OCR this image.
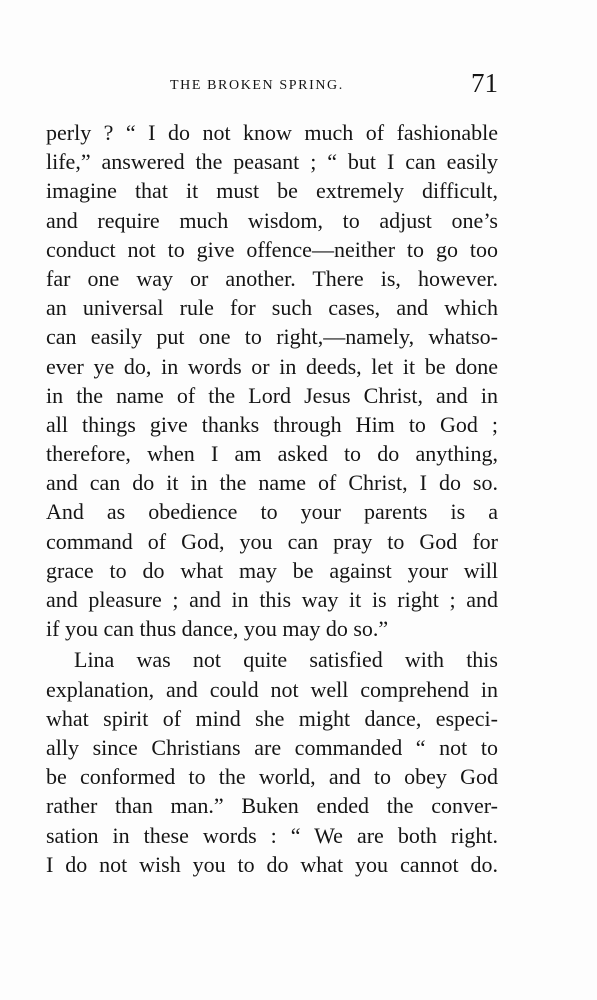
THE BROKEN SPRING.	71
perly ? “ I do not know much of fashionable
life,” answered the peasant ; “ but I can easily
imagine that it must be extremely difficult,
and require much wisdom, to adjust one’s
conduct not to give offence—neither to go too
far one way or another. There is, however.
an universal rule for such cases, and which
can easily put one to right,—namely, whatso-
ever ye do, in words or in deeds, let it be done
in the name of the Lord Jesus Christ, and in
all things give thanks through Him to God ;
therefore, when I am asked to do anything,
and can do it in the name of Christ, I do so.
And as obedience to your parents is a
command of God, you can pray to God for
grace to do what may be against your will
and pleasure ; and in this way it is right ; and
if you can thus dance, you may do so.”
Lina was not quite satisfied with this
explanation, and could not well comprehend in
what spirit of mind she might dance, especi-
ally since Christians are commanded “ not to
be conformed to the world, and to obey God
rather than man.” Buken ended the conver-
sation in these words : “ We are both right.
I do not wish you to do what you cannot do.
